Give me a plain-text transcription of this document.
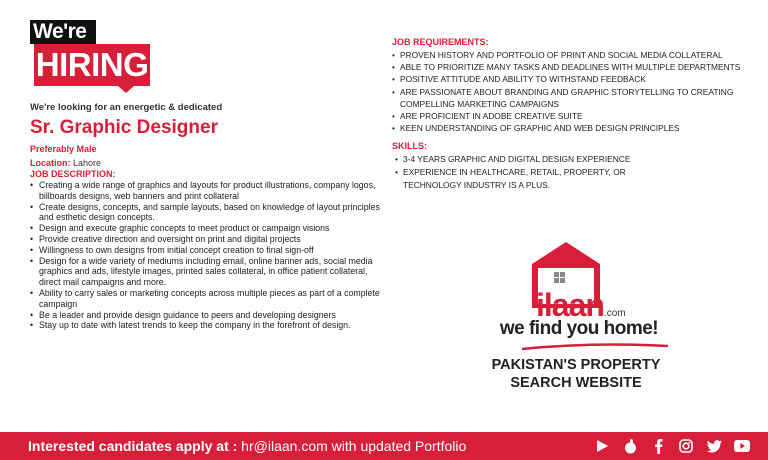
We're
HIRING
We're looking for an energetic & dedicated
Sr. Graphic Designer
Preferably Male
Location: Lahore
JOB DESCRIPTION:
• Creating a wide range of graphics and layouts for product illustrations, company logos, billboards designs, web banners and print collateral
• Create designs, concepts, and sample layouts, based on knowledge of layout principles and esthetic design concepts.
• Design and execute graphic concepts to meet product or campaign visions
• Provide creative direction and oversight on print and digital projects
• Willingness to own designs from initial concept creation to final sign-off
• Design for a wide variety of mediums including email, online banner ads, social media graphics and ads, lifestyle images, printed sales collateral, in office patient collateral, direct mail campaigns and more.
• Ability to carry sales or marketing concepts across multiple pieces as part of a complete campaign
• Be a leader and provide design guidance to peers and developing designers
• Stay up to date with latest trends to keep the company in the forefront of design.
JOB REQUIREMENTS:
• PROVEN HISTORY AND PORTFOLIO OF PRINT AND SOCIAL MEDIA COLLATERAL
• ABLE TO PRIORITIZE MANY TASKS AND DEADLINES WITH MULTIPLE DEPARTMENTS
• POSITIVE ATTITUDE AND ABILITY TO WITHSTAND FEEDBACK
• ARE PASSIONATE ABOUT BRANDING AND GRAPHIC STORYTELLING TO CREATING COMPELLING MARKETING CAMPAIGNS
• ARE PROFICIENT IN ADOBE CREATIVE SUITE
• KEEN UNDERSTANDING OF GRAPHIC AND WEB DESIGN PRINCIPLES
SKILLS:
• 3-4 YEARS GRAPHIC AND DIGITAL DESIGN EXPERIENCE
• EXPERIENCE IN HEALTHCARE, RETAIL, PROPERTY, OR TECHNOLOGY INDUSTRY IS A PLUS.
ilaan.com
we find you home!
PAKISTAN'S PROPERTY
SEARCH WEBSITE
Interested candidates apply at : hr@ilaan.com with updated Portfolio
